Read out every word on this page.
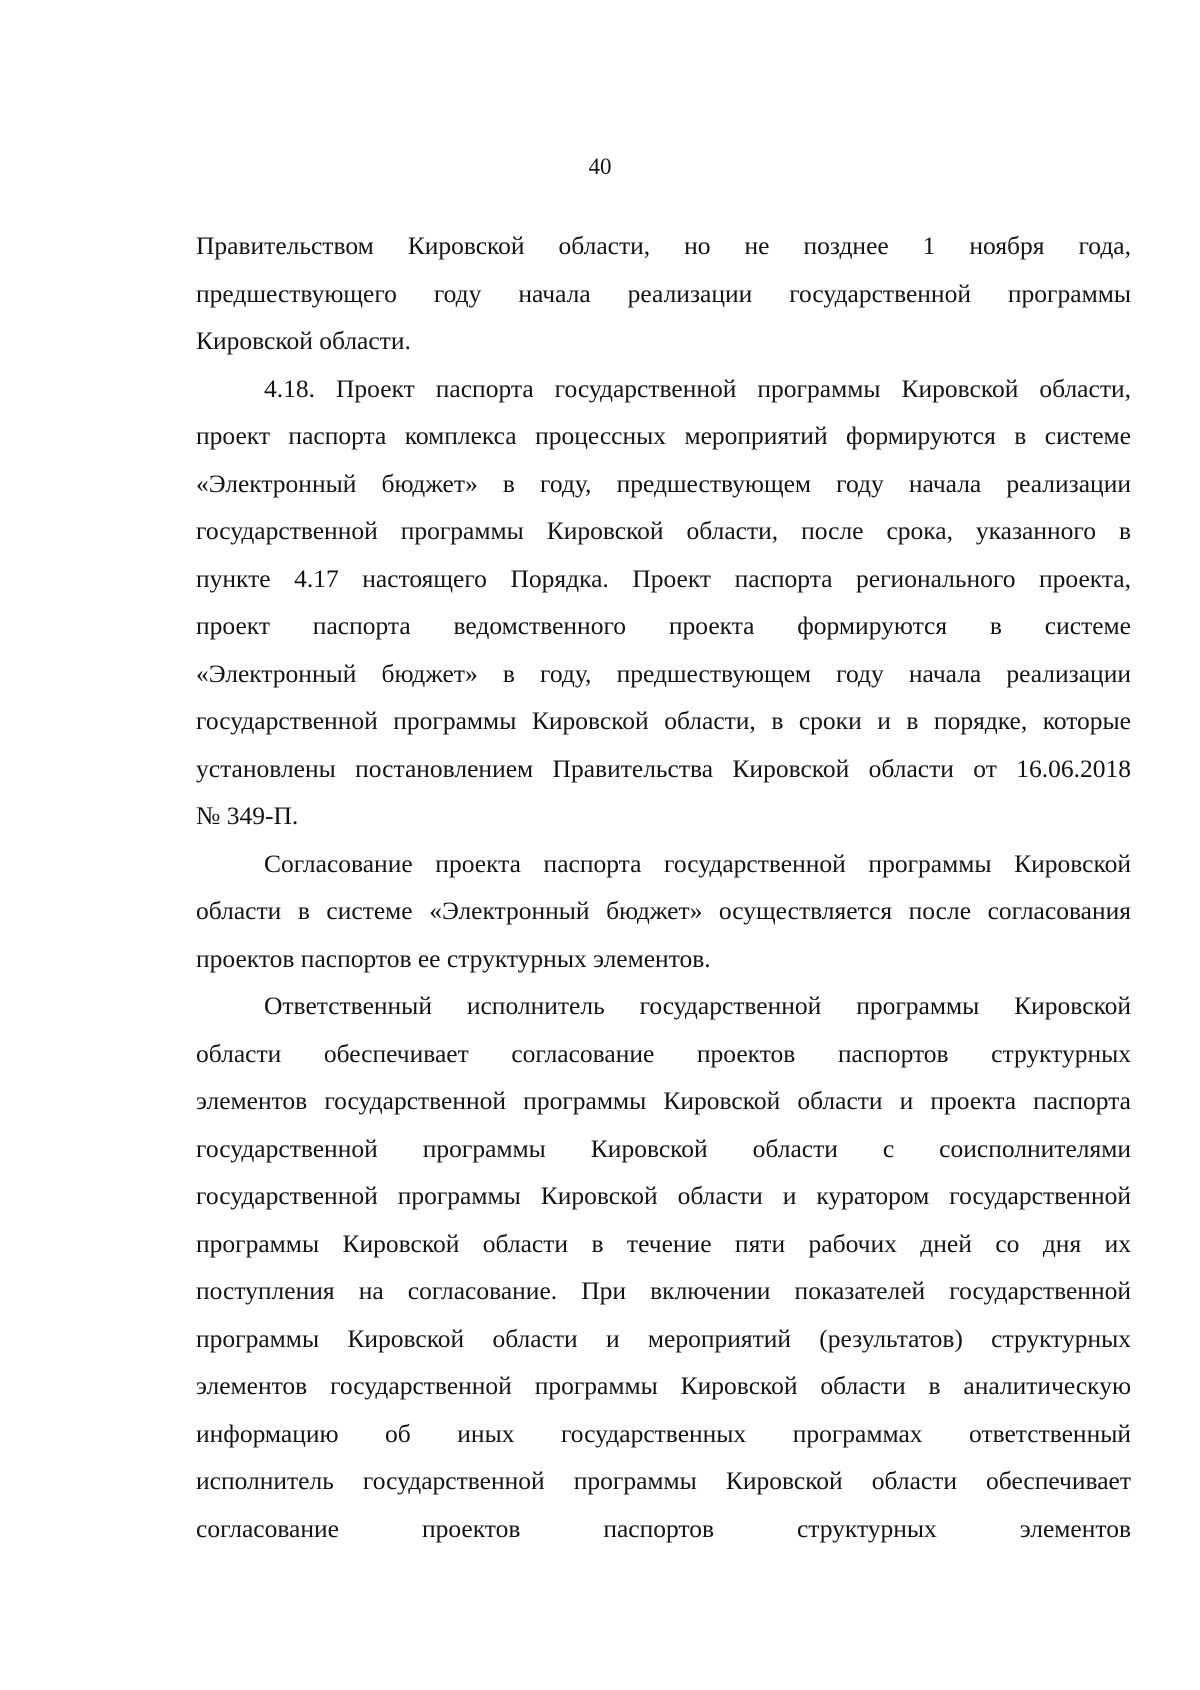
40

Правительством Кировской области, но не позднее 1 ноября года,
предшествующего году начала реализации государственной программы
Кировской области.

4.18. Проект паспорта государственной программы Кировской области,
проект паспорта комплекса процессных мероприятий формируются в системе
«Электронный бюджет» в году, предшествующем году начала реализации
государственной программы Кировской области, после срока, указанного в
пункте 4.17 настоящего Порядка. Проект паспорта регионального проекта,
проект паспорта ведомственного проекта формируются в системе
«Электронный бюджет» в году, предшествующем году начала реализации
государственной программы Кировской области, в сроки и в порядке, которые
установлены постановлением Правительства Кировской области от 16.06.2018
№ 349-П.

Согласование проекта паспорта государственной программы Кировской
области в системе «Электронный бюджет» осуществляется после согласования
проектов паспортов ее структурных элементов.

Ответственный исполнитель государственной программы Кировской
области обеспечивает согласование проектов паспортов структурных
элементов государственной программы Кировской области и проекта паспорта
государственной программы Кировской области с соисполнителями
государственной программы Кировской области и куратором государственной
программы Кировской области в течение пяти рабочих дней со дня их
поступления на согласование. При включении показателей государственной
программы Кировской области и мероприятий (результатов) структурных
элементов государственной программы Кировской области в аналитическую
информацию об иных государственных программах ответственный
исполнитель государственной программы Кировской области обеспечивает
согласование проектов паспортов структурных элементов
